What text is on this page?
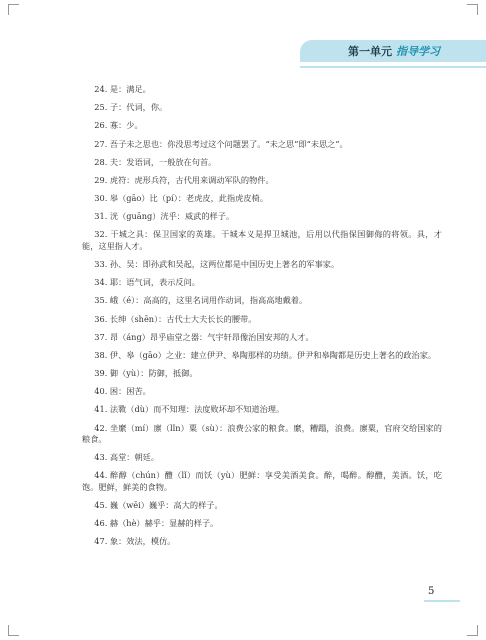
第一单元 指导学习

24. 是：满足。

25. 子：代词，你。

26. 寡：少。

27. 吾子未之思也：你没思考过这个问题罢了。“未之思”即“未思之”。

28. 夫：发语词，一般放在句首。

29. 虎符：虎形兵符，古代用来调动军队的物件。

30. 皋（gāo）比（pí）：老虎皮，此指虎皮椅。

31. 洸（guāng）洸乎：威武的样子。

32. 干城之具：保卫国家的英雄。干城本义是捍卫城池，后用以代指保国御侮的将领。具，才能，这里指人才。

33. 孙、吴：即孙武和吴起，这两位都是中国历史上著名的军事家。

34. 耶：语气词，表示反问。

35. 峨（é）：高高的，这里名词用作动词，指高高地戴着。

36. 长绅（shēn）：古代士大夫长长的腰带。

37. 昂（áng）昂乎庙堂之器：气宇轩昂像治国安邦的人才。

38. 伊、皋（gāo）之业：建立伊尹、皋陶那样的功绩。伊尹和皋陶都是历史上著名的政治家。

39. 御（yù）：防御，抵御。

40. 困：困苦。

41. 法斁（dù）而不知理：法度败坏却不知道治理。

42. 坐縻（mí）廪（lǐn）粟（sù）：浪费公家的粮食。縻，糟蹋，浪费。廪粟，官府交给国家的粮食。

43. 高堂：朝廷。

44. 醉醇（chún）醴（lǐ）而饫（yù）肥鲜：享受美酒美食。醉，喝醉。醇醴，美酒。饫，吃饱。肥鲜，鲜美的食物。

45. 巍（wēi）巍乎：高大的样子。

46. 赫（hè）赫乎：显赫的样子。

47. 象：效法，模仿。

5
